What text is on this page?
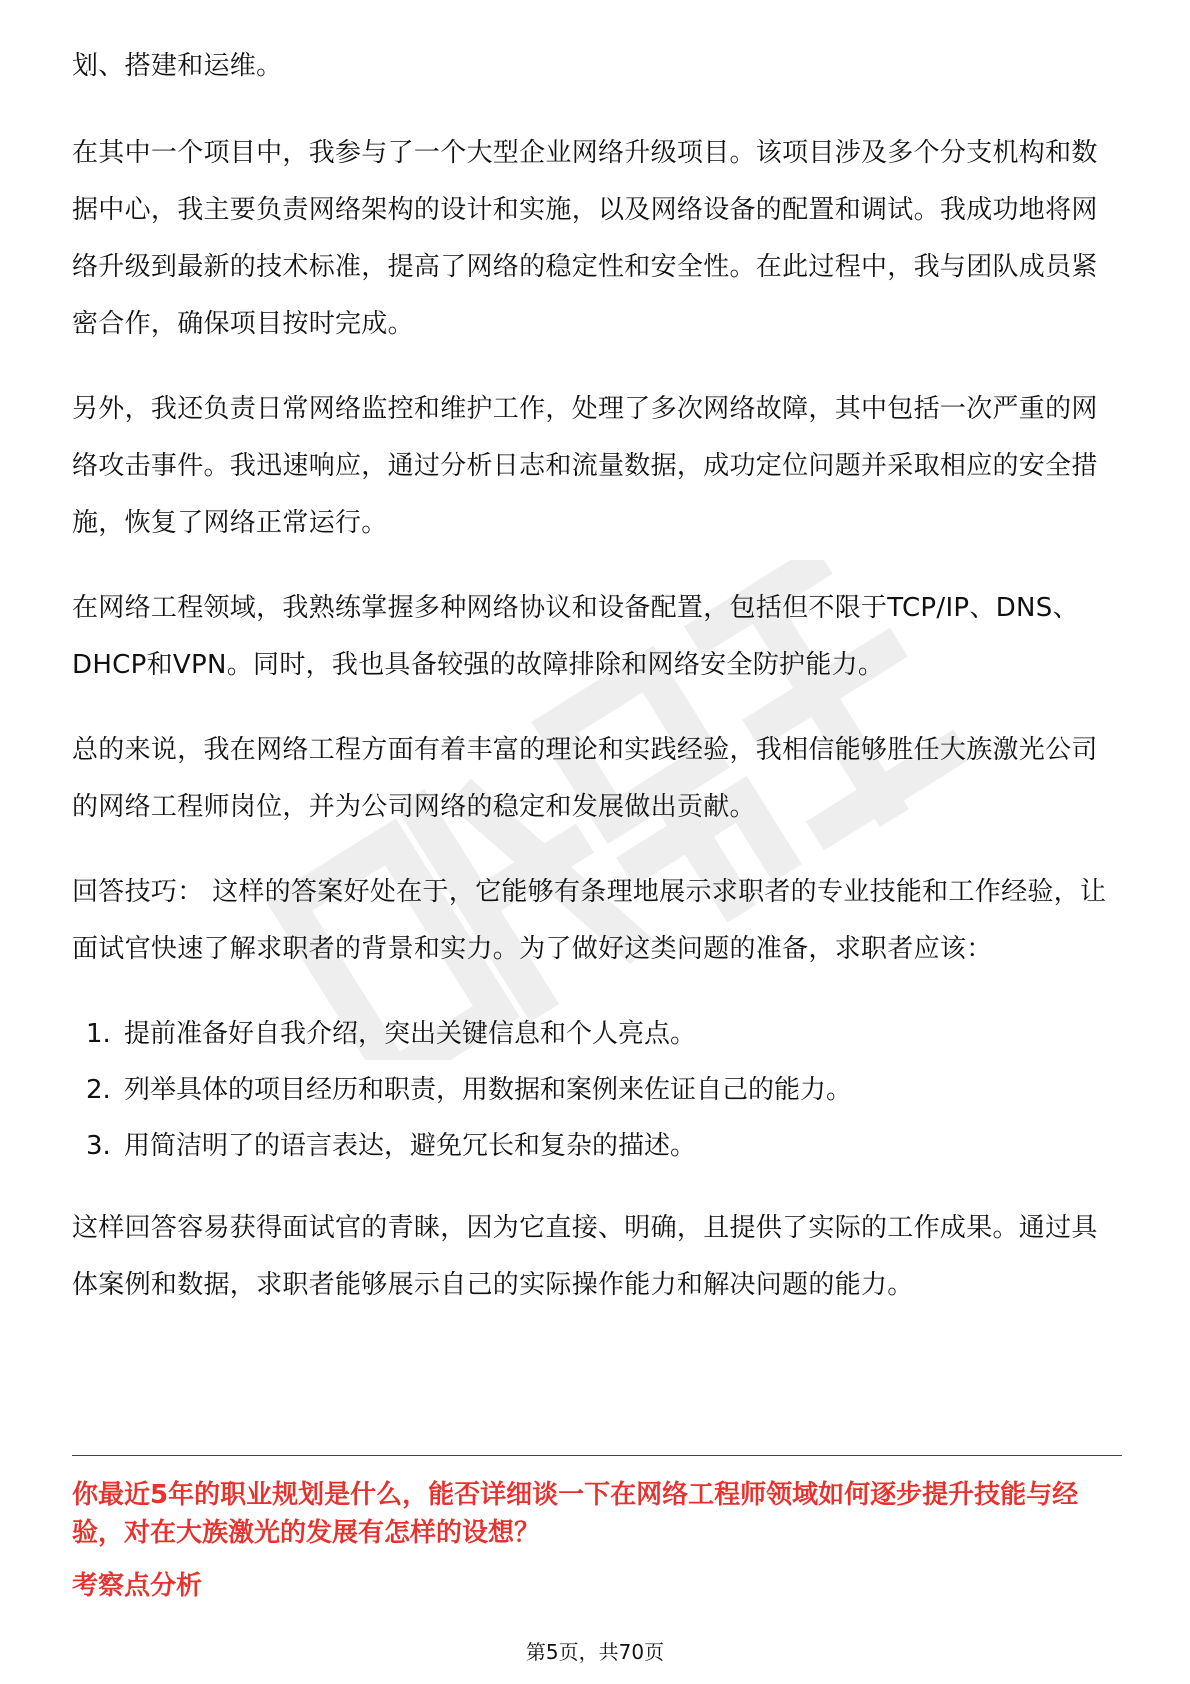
划、搭建和运维。

在其中一个项目中，我参与了一个大型企业网络升级项目。该项目涉及多个分支机构和数据中心，我主要负责网络架构的设计和实施，以及网络设备的配置和调试。我成功地将网络升级到最新的技术标准，提高了网络的稳定性和安全性。在此过程中，我与团队成员紧密合作，确保项目按时完成。

另外，我还负责日常网络监控和维护工作，处理了多次网络故障，其中包括一次严重的网络攻击事件。我迅速响应，通过分析日志和流量数据，成功定位问题并采取相应的安全措施，恢复了网络正常运行。

在网络工程领域，我熟练掌握多种网络协议和设备配置，包括但不限于TCP/IP、DNS、DHCP和VPN。同时，我也具备较强的故障排除和网络安全防护能力。

总的来说，我在网络工程方面有着丰富的理论和实践经验，我相信能够胜任大族激光公司的网络工程师岗位，并为公司网络的稳定和发展做出贡献。

回答技巧： 这样的答案好处在于，它能够有条理地展示求职者的专业技能和工作经验，让面试官快速了解求职者的背景和实力。为了做好这类问题的准备，求职者应该：

1. 提前准备好自我介绍，突出关键信息和个人亮点。
2. 列举具体的项目经历和职责，用数据和案例来佐证自己的能力。
3. 用简洁明了的语言表达，避免冗长和复杂的描述。

这样回答容易获得面试官的青睐，因为它直接、明确，且提供了实际的工作成果。通过具体案例和数据，求职者能够展示自己的实际操作能力和解决问题的能力。

你最近5年的职业规划是什么，能否详细谈一下在网络工程师领域如何逐步提升技能与经验，对在大族激光的发展有怎样的设想？

考察点分析

第5页，共70页
